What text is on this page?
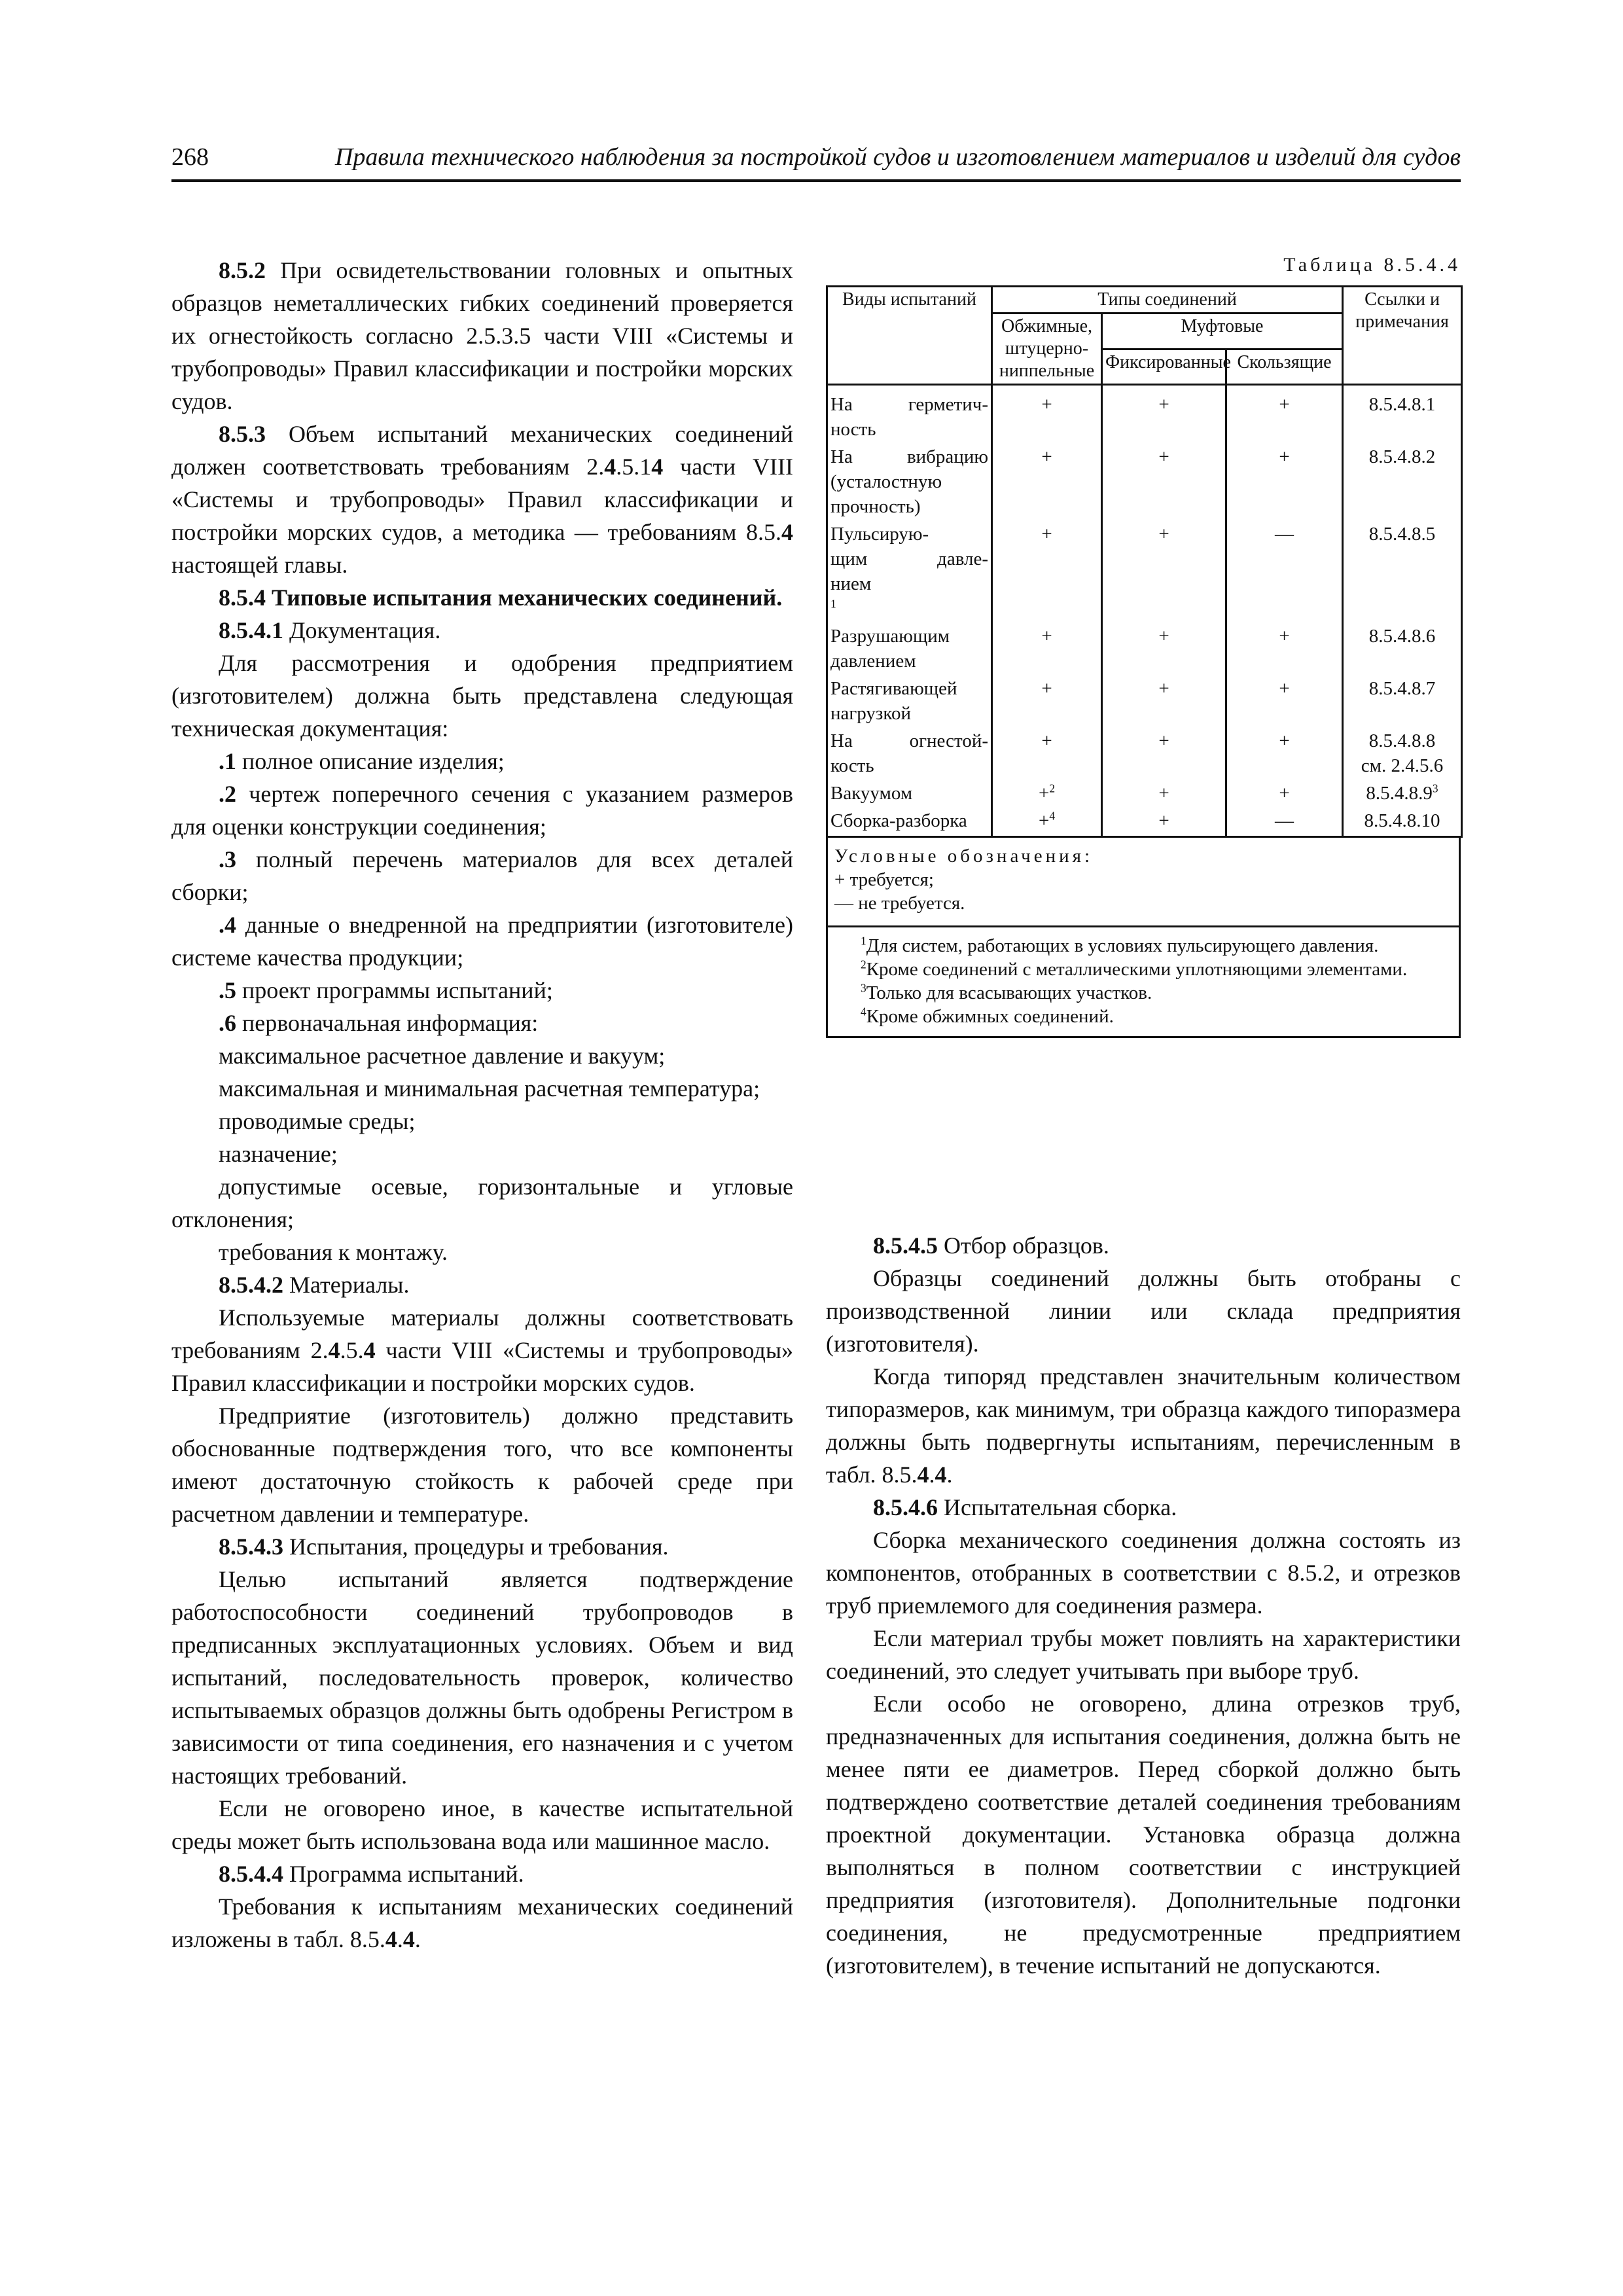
268	Правила технического наблюдения за постройкой судов и изготовлением материалов и изделий для судов

8.5.2 При освидетельствовании головных и опытных образцов неметаллических гибких соединений проверяется их огнестойкость согласно 2.5.3.5 части VIII «Системы и трубопроводы» Правил классификации и постройки морских судов.

8.5.3 Объем испытаний механических соединений должен соответствовать требованиям 2.4.5.14 части VIII «Системы и трубопроводы» Правил классификации и постройки морских судов, а методика — требованиям 8.5.4 настоящей главы.

8.5.4 Типовые испытания механических соединений.

8.5.4.1 Документация.

Для рассмотрения и одобрения предприятием (изготовителем) должна быть представлена следующая техническая документация:

.1 полное описание изделия;

.2 чертеж поперечного сечения с указанием размеров для оценки конструкции соединения;

.3 полный перечень материалов для всех деталей сборки;

.4 данные о внедренной на предприятии (изготовителе) системе качества продукции;

.5 проект программы испытаний;

.6 первоначальная информация:

максимальное расчетное давление и вакуум;

максимальная и минимальная расчетная температура;

проводимые среды;

назначение;

допустимые осевые, горизонтальные и угловые отклонения;

требования к монтажу.

8.5.4.2 Материалы.

Используемые материалы должны соответствовать требованиям 2.4.5.4 части VIII «Системы и трубопроводы» Правил классификации и постройки морских судов.

Предприятие (изготовитель) должно представить обоснованные подтверждения того, что все компоненты имеют достаточную стойкость к рабочей среде при расчетном давлении и температуре.

8.5.4.3 Испытания, процедуры и требования.

Целью испытаний является подтверждение работоспособности соединений трубопроводов в предписанных эксплуатационных условиях. Объем и вид испытаний, последовательность проверок, количество испытываемых образцов должны быть одобрены Регистром в зависимости от типа соединения, его назначения и с учетом настоящих требований.

Если не оговорено иное, в качестве испытательной среды может быть использована вода или машинное масло.

8.5.4.4 Программа испытаний.

Требования к испытаниям механических соединений изложены в табл. 8.5.4.4.

Таблица 8.5.4.4
Виды испытаний	Типы соединений			Ссылки и примечания
	Обжимные, штуцерно-ниппельные	Муфтовые		
		Фиксированные	Скользящие	

На герметич-
ность	+	+	+	8.5.4.8.1

На вибрацию
(усталостную
прочность)	+	+	+	8.5.4.8.2

Пульсирую-
щим давле-
нием
$^1$	+	+	—	8.5.4.8.5

Разрушающим
давлением	+	+	+	8.5.4.8.6

Растягивающей
нагрузкой	+	+	+	8.5.4.8.7

На огнестой-
кость	+	+	+	8.5.4.8.8
см. 2.4.5.6

Вакуумом	+$^2$	+	+	$8.5.4.8.9^3$

Сборка-разборка	+$^4$	+	—	8.5.4.8.10
Условные обозначения:
+ требуется;
— не требуется.
$^1$Для систем, работающих в условиях пульсирующего давления.
$^2$Кроме соединений с металлическими уплотняющими элементами.
$^3$Только для всасывающих участков.
$^4$Кроме обжимных соединений.

8.5.4.5 Отбор образцов.

Образцы соединений должны быть отобраны с производственной линии или склада предприятия (изготовителя).

Когда типоряд представлен значительным количеством типоразмеров, как минимум, три образца каждого типоразмера должны быть подвергнуты испытаниям, перечисленным в табл. 8.5.4.4.

8.5.4.6 Испытательная сборка.

Сборка механического соединения должна состоять из компонентов, отобранных в соответствии с 8.5.2, и отрезков труб приемлемого для соединения размера.

Если материал трубы может повлиять на характеристики соединений, это следует учитывать при выборе труб.

Если особо не оговорено, длина отрезков труб, предназначенных для испытания соединения, должна быть не менее пяти ее диаметров. Перед сборкой должно быть подтверждено соответствие деталей соединения требованиям проектной документации. Установка образца должна выполняться в полном соответствии с инструкцией предприятия (изготовителя). Дополнительные подгонки соединения, не предусмотренные предприятием (изготовителем), в течение испытаний не допускаются.
